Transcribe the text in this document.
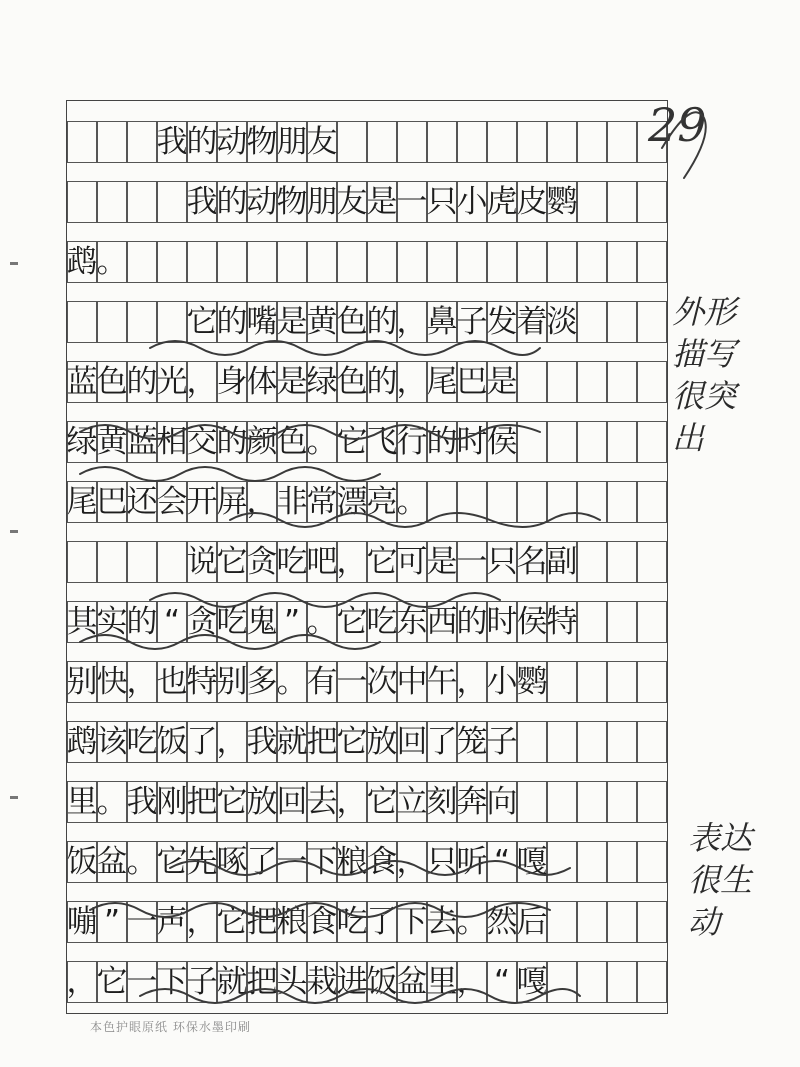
我 的 动 物 朋 友
我 的 动 物 朋 友 是 一 只 小 虎 皮 鹦
鹉 。
它 的 嘴 是 黄 色 的 ， 鼻 子 发 着 淡
蓝 色 的 光 ， 身 体 是 绿 色 的 ， 尾 巴 是
绿 黄 蓝 相 交 的 颜 色 。 它 飞 行 的 时 侯
尾 巴 还 会 开 屏 ， 非 常 漂 亮 。
说 它 贪 吃 吧 ， 它 可 是 一 只 名 副
其 实 的 “ 贪 吃 鬼 ” 。 它 吃 东 西 的 时 侯 特
别 快 ， 也 特 别 多 。 有 一 次 中 午 ， 小 鹦
鹉 该 吃 饭 了 ， 我 就 把 它 放 回 了 笼 子
里 。 我 刚 把 它 放 回 去 ， 它 立 刻 奔 向
饭 盆 。 它 先 啄 了 一 下 粮 食 ， 只 听 “ 嘎
嘣 ” 一 声 ， 它 把 粮 食 吃 了 下 去 。 然 后
， 它 一 下 子 就 把 头 栽 进 饭 盆 里 ， “ 嘎
29
外形
描写
很突
出
表达
很生
动
本色护眼原纸 环保水墨印刷
